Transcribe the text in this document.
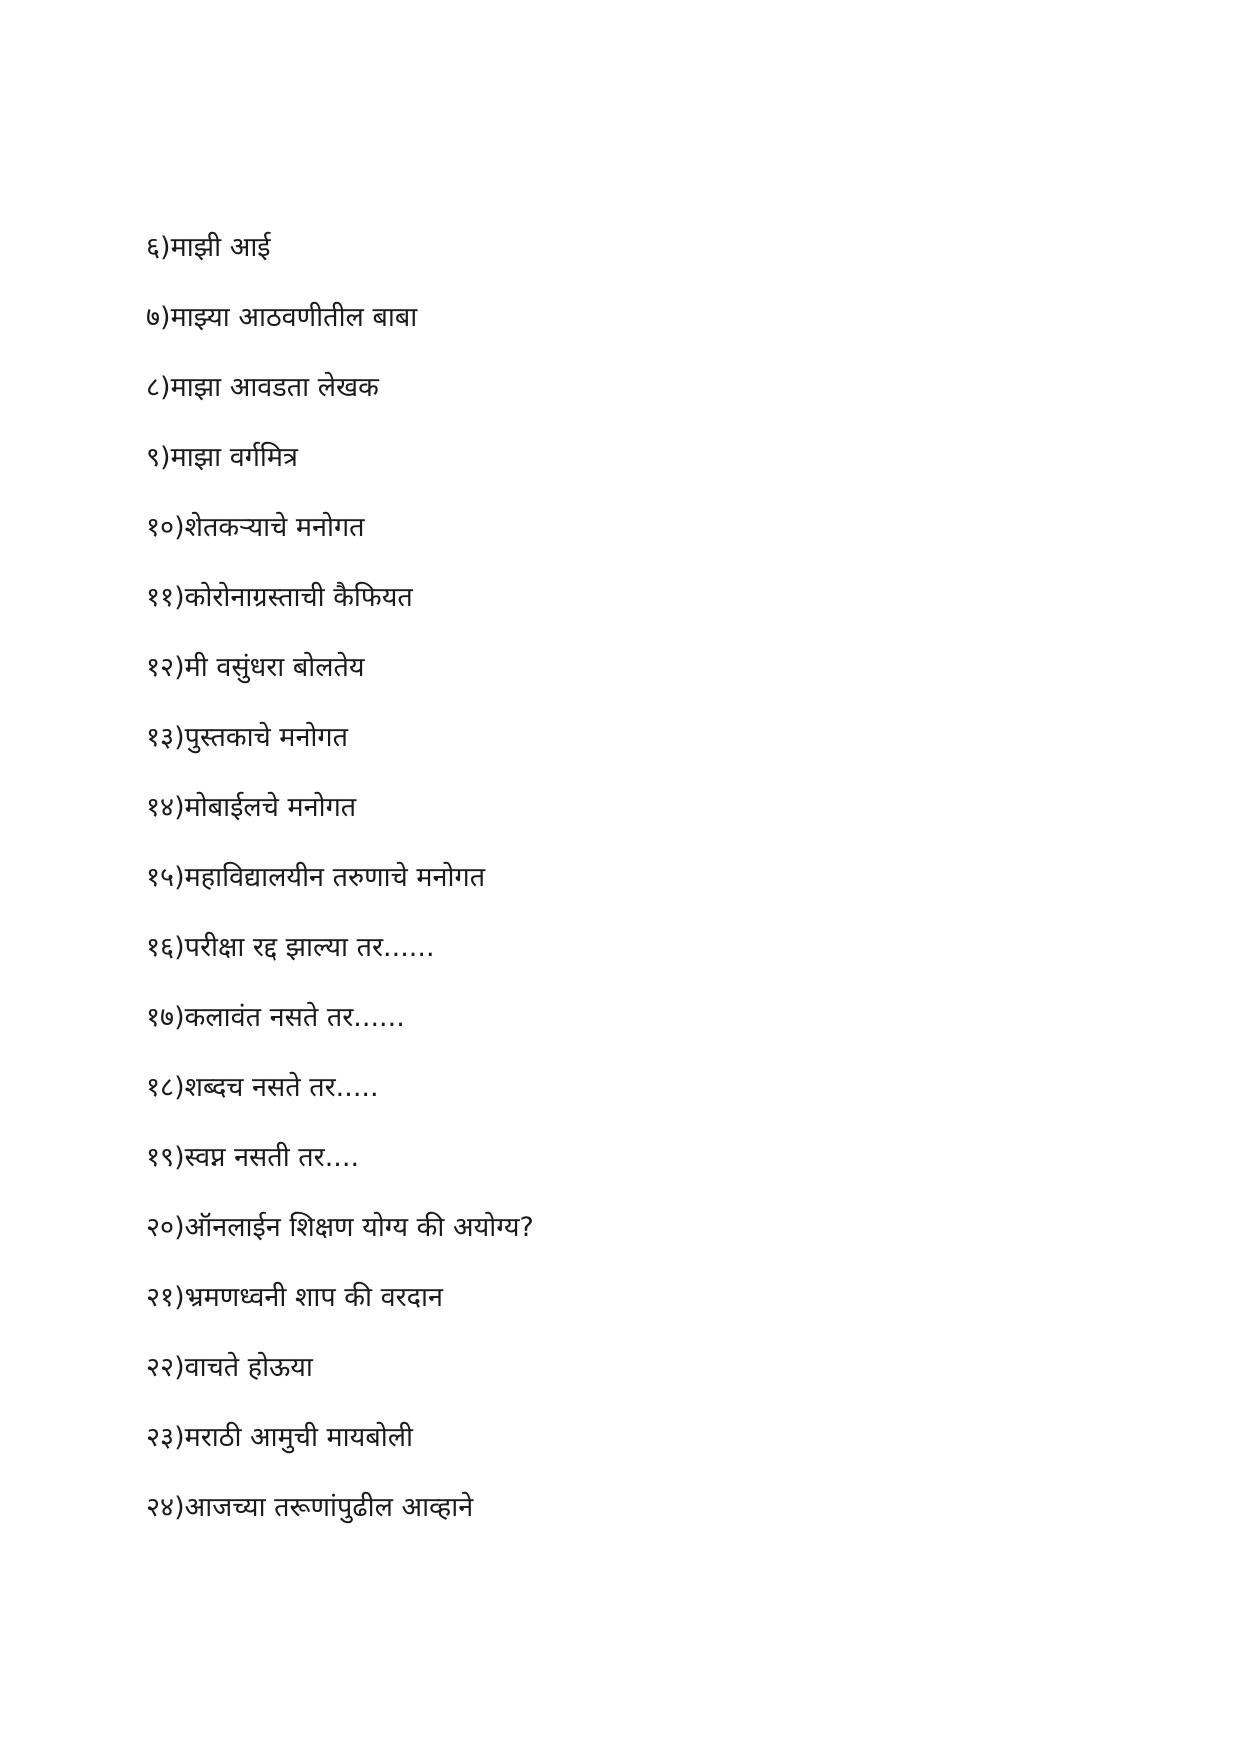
६)माझी आई
७)माझ्या आठवणीतील बाबा
८)माझा आवडता लेखक
९)माझा वर्गमित्र
१०)शेतकऱ्याचे मनोगत
११)कोरोनाग्रस्ताची कैफियत
१२)मी वसुंधरा बोलतेय
१३)पुस्तकाचे मनोगत
१४)मोबाईलचे मनोगत
१५)महाविद्यालयीन तरुणाचे मनोगत
१६)परीक्षा रद्द झाल्या तर......
१७)कलावंत नसते तर......
१८)शब्दच नसते तर.....
१९)स्वप्न नसती तर....
२०)ऑनलाईन शिक्षण योग्य की अयोग्य?
२१)भ्रमणध्वनी शाप की वरदान
२२)वाचते होऊया
२३)मराठी आमुची मायबोली
२४)आजच्या तरूणांपुढील आव्हाने
